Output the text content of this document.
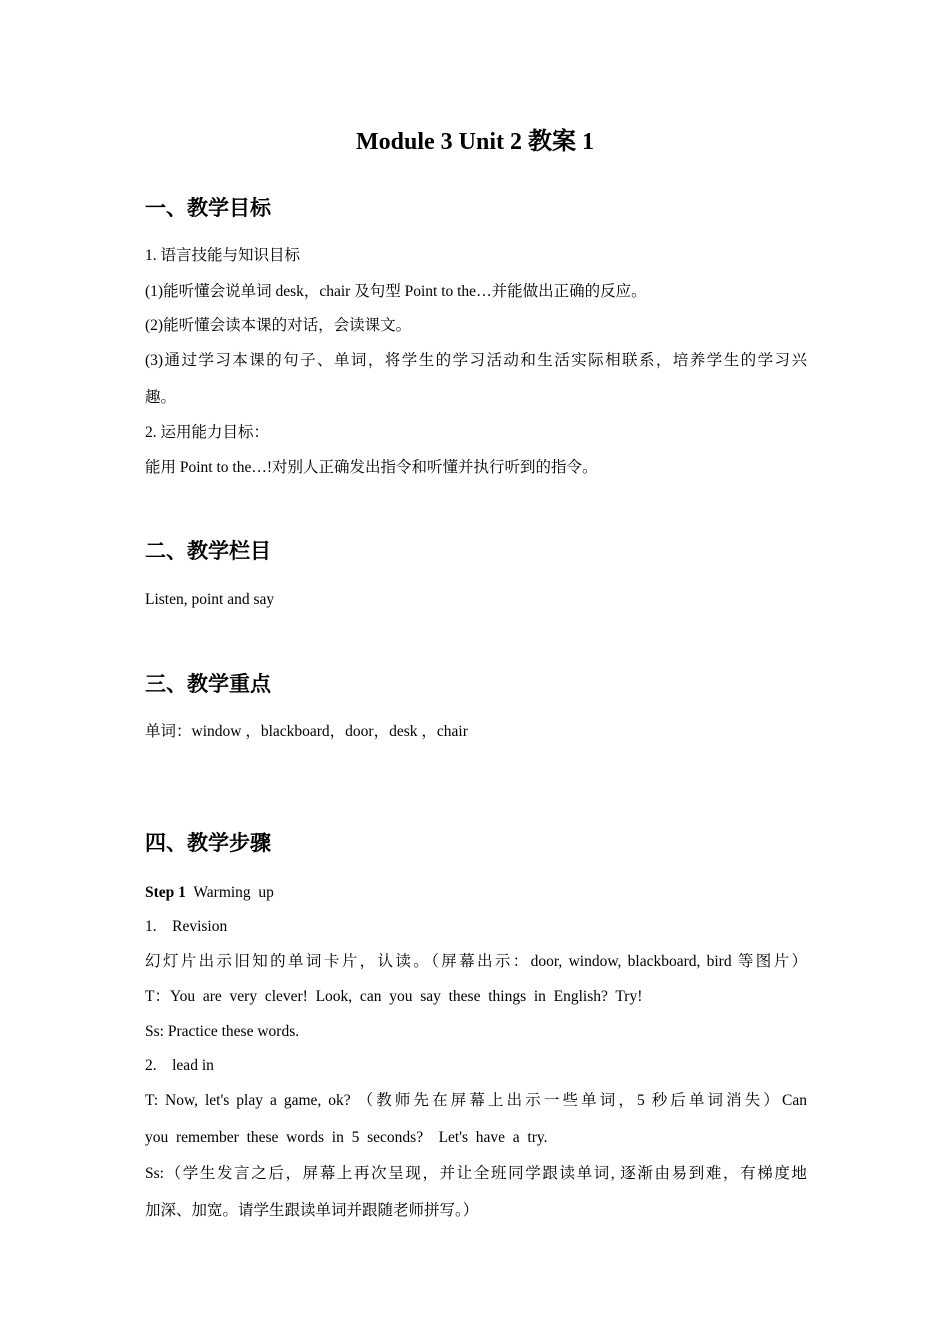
Module 3 Unit 2 教案 1
一、教学目标

1. 语言技能与知识目标

(1)能听懂会说单词 desk，chair 及句型 Point to the…并能做出正确的反应。

(2)能听懂会读本课的对话，会读课文。

(3)通过学习本课的句子、单词，将学生的学习活动和生活实际相联系，培养学生的学习兴

趣。

2. 运用能力目标：

能用 Point to the…!对别人正确发出指令和听懂并执行听到的指令。

二、教学栏目

Listen, point and say

三、教学重点

单词：window ，blackboard，door，desk ，chair

四、教学步骤

Step 1  Warming  up

1.    Revision

幻灯片出示旧知的单词卡片，认读。（屏幕出示：door, window, blackboard, bird 等图片）

T：You  are  very  clever!  Look,  can  you  say  these  things  in  English?  Try!

Ss: Practice these words.

2.    lead in

T: Now, let's play a game, ok? （教师先在屏幕上出示一些单词，5 秒后单词消失）Can

you  remember  these  words  in  5  seconds?    Let's  have  a  try.

Ss:（学生发言之后，屏幕上再次呈现，并让全班同学跟读单词, 逐渐由易到难，有梯度地

加深、加宽。请学生跟读单词并跟随老师拼写。）
